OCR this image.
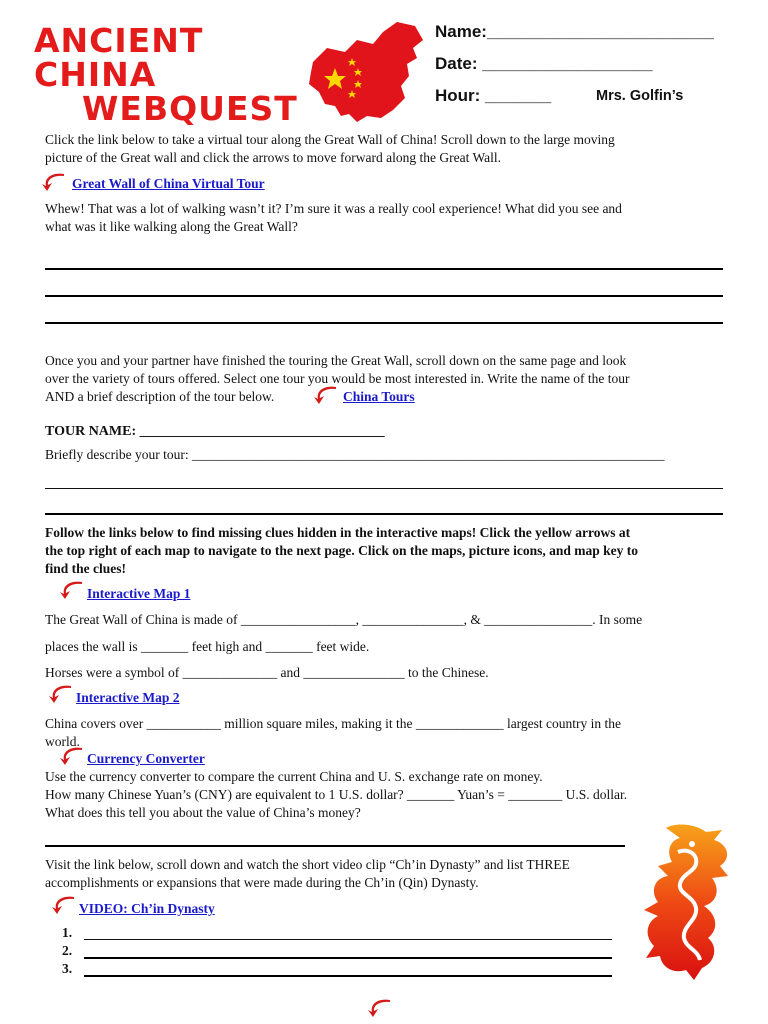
ANCIENT
CHINA
WEBQUEST
Name:________________________
Date: __________________
Hour: _______	Mrs. Golfin’s
Click the link below to take a virtual tour along the Great Wall of China! Scroll down to the large moving
picture of the Great wall and click the arrows to move forward along the Great Wall.
Great Wall of China Virtual Tour
Whew! That was a lot of walking wasn’t it? I’m sure it was a really cool experience! What did you see and
what was it like walking along the Great Wall?
Once you and your partner have finished the touring the Great Wall, scroll down on the same page and look
over the variety of tours offered. Select one tour you would be most interested in. Write the name of the tour
AND a brief description of the tour below.	China Tours
TOUR NAME: ___________________________________
Briefly describe your tour: ______________________________________________________________________
Follow the links below to find missing clues hidden in the interactive maps! Click the yellow arrows at
the top right of each map to navigate to the next page. Click on the maps, picture icons, and map key to
find the clues!
Interactive Map 1
The Great Wall of China is made of _________________, _______________, & ________________. In some
places the wall is _______ feet high and _______ feet wide.
Horses were a symbol of ______________ and _______________ to the Chinese.
Interactive Map 2
China covers over ___________ million square miles, making it the _____________ largest country in the
world.
Currency Converter
Use the currency converter to compare the current China and U. S. exchange rate on money.
How many Chinese Yuan’s (CNY) are equivalent to 1 U.S. dollar? _______ Yuan’s = ________ U.S. dollar.
What does this tell you about the value of China’s money?
Visit the link below, scroll down and watch the short video clip “Ch’in Dynasty” and list THREE
accomplishments or expansions that were made during the Ch’in (Qin) Dynasty.
VIDEO: Ch’in Dynasty
1.
2.
3.
